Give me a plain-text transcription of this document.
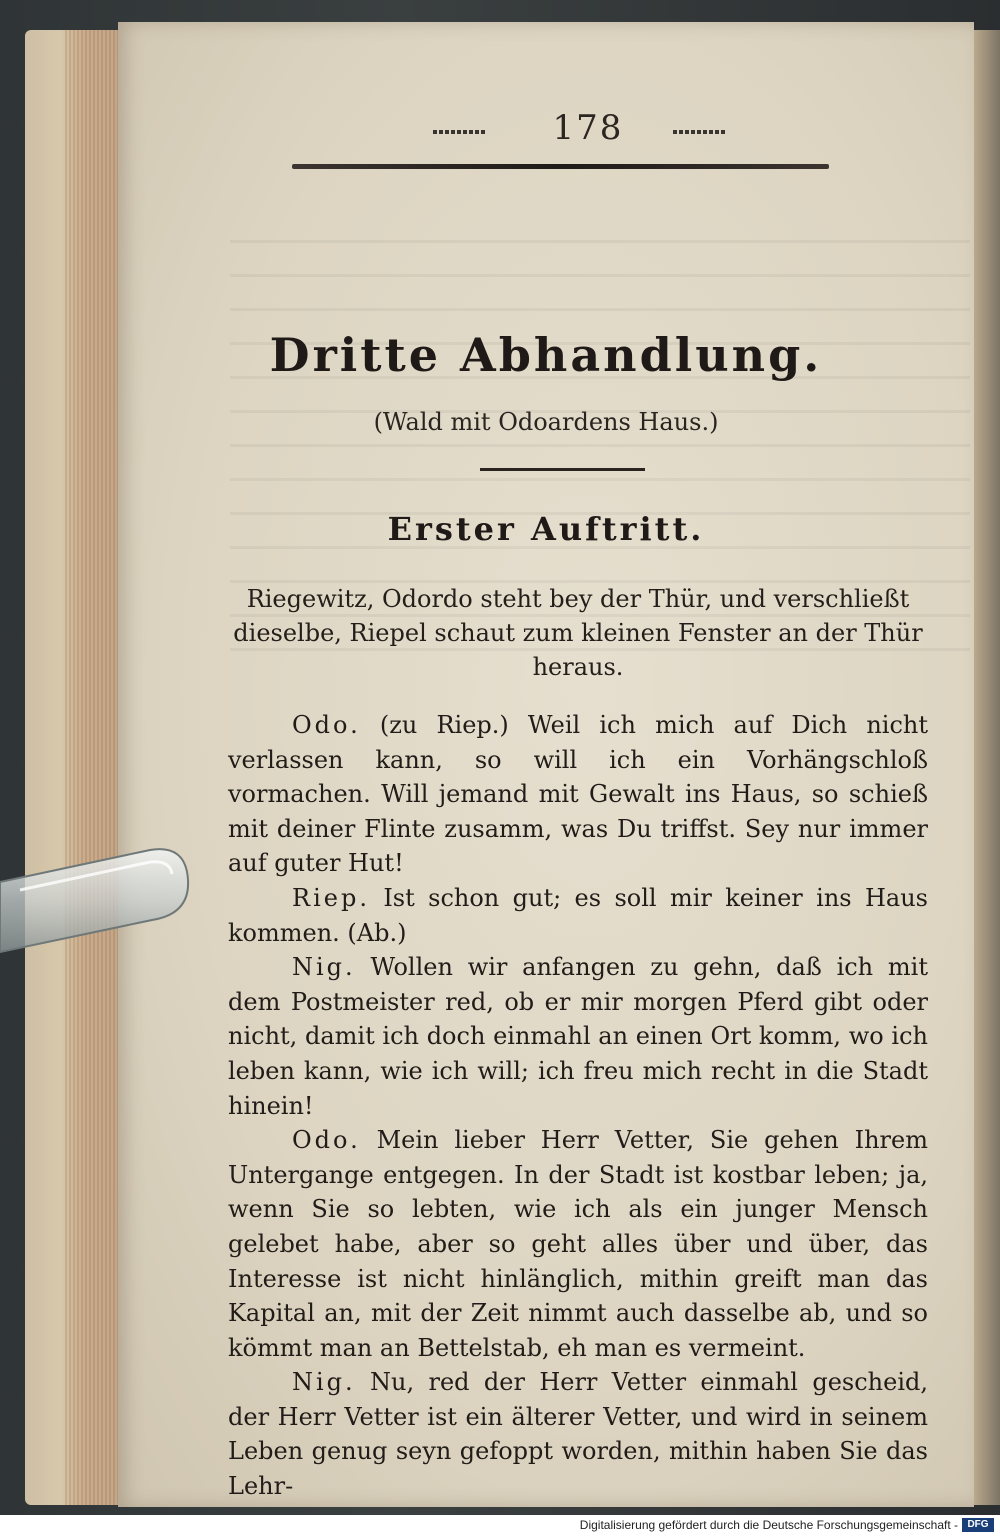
178
Dritte Abhandlung.
(Wald mit Odoardens Haus.)
Erster Auftritt.
Riegewitz, Odordo steht bey der Thür, und verschließt dieselbe, Riepel schaut zum kleinen Fenster an der Thür heraus.

Odo. (zu Riep.) Weil ich mich auf Dich nicht verlassen kann, so will ich ein Vorhängschloß vormachen. Will jemand mit Gewalt ins Haus, so schieß mit deiner Flinte zusamm, was Du triffst. Sey nur immer auf guter Hut!

Riep. Ist schon gut; es soll mir keiner ins Haus kommen. (Ab.)

Nig. Wollen wir anfangen zu gehn, daß ich mit dem Postmeister red, ob er mir morgen Pferd gibt oder nicht, damit ich doch einmahl an einen Ort komm, wo ich leben kann, wie ich will; ich freu mich recht in die Stadt hinein!

Odo. Mein lieber Herr Vetter, Sie gehen Ihrem Untergange entgegen. In der Stadt ist kostbar leben; ja, wenn Sie so lebten, wie ich als ein junger Mensch gelebet habe, aber so geht alles über und über, das Interesse ist nicht hinlänglich, mithin greift man das Kapital an, mit der Zeit nimmt auch dasselbe ab, und so kömmt man an Bettelstab, eh man es vermeint.

Nig. Nu, red der Herr Vetter einmahl gescheid, der Herr Vetter ist ein älterer Vetter, und wird in seinem Leben genug seyn gefoppt worden, mithin haben Sie das Lehr-

Digitalisierung gefördert durch die Deutsche Forschungsgemeinschaft - DFG
